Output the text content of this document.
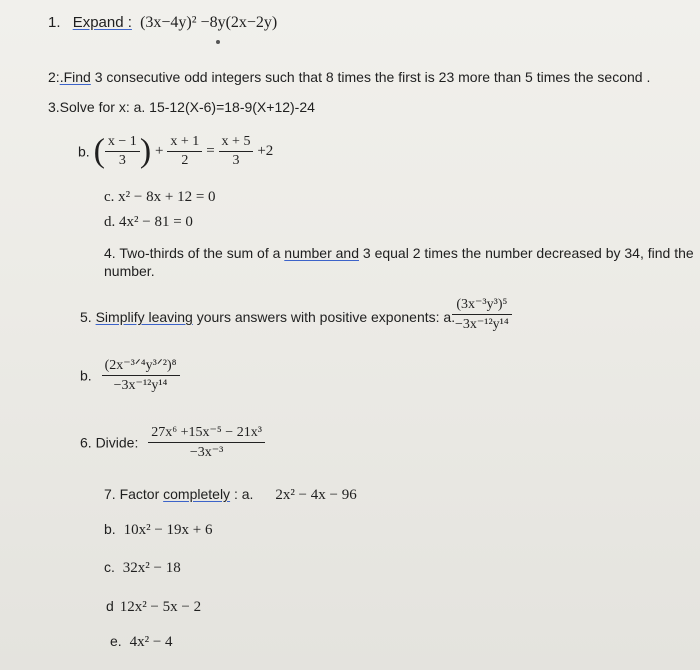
1. Expand : (3x−4y)² −8y(2x−2y)
2:.Find 3 consecutive odd integers such that 8 times the first is 23 more than 5 times the second .
3.Solve for x: a. 15-12(X-6)=18-9(X+12)-24
b. ( $\frac{x - 1}{3}$ ) + $\frac{x + 1}{2} = \frac{x + 5}{3} +2$
c. x² − 8x + 12 = 0
d. 4x² − 81 = 0
4. Two-thirds of the sum of a number and 3 equal 2 times the number decreased by 34, find the
number.
5. Simplify leaving yours answers with positive exponents: a.
$\frac{\text{(3x⁻³y³)⁵}}{\text{−3x⁻¹²y¹⁴}}$
b. $\frac{\text{(2x⁻³ᐟ⁴y³ᐟ²)⁸}}{\text{−3x⁻¹²y¹⁴}}$
6. Divide: $\frac{\text{27x⁶ +15x⁻⁵ − 21x³}}{\text{−3x⁻³}}$
7. Factor completely : a. 2x² − 4x − 96
b. 10x² − 19x + 6
c. 32x² − 18
d 12x² − 5x − 2
e. 4x² − 4
